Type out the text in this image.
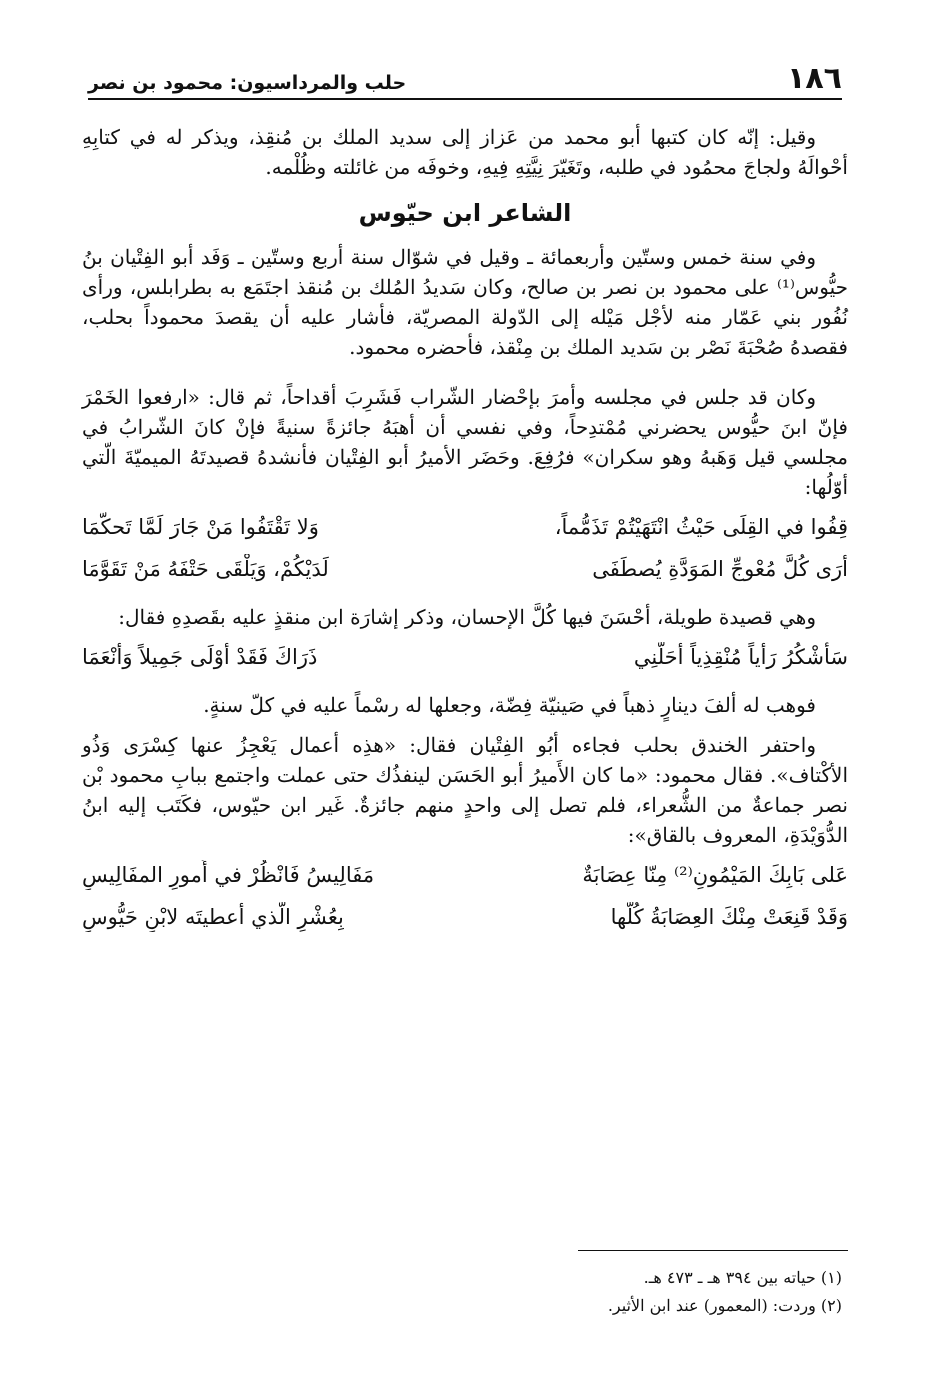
١٨٦
حلب والمرداسيون: محمود بن نصر

وقيل: إنّه كان كتبها أبو محمد من عَزاز إلى سديد الملك بن مُنقِذ، ويذكر له في كتابِهِ أحْوالَهُ ولجاجَ محمُود في طلبه، وتَغَيّرَ نِيَّتِهِ فِيهِ، وخوفَه من غائلته وظُلْمه.

الشاعر ابن حيّوس

وفي سنة خمس وستّين وأربعمائة ـ وقيل في شوّال سنة أربع وستّين ـ وَفَد أبو الفِتْيان بنُ حيُّوس⁽¹⁾ على محمود بن نصر بن صالح، وكان سَديدُ المُلك بن مُنقذ اجتَمَع به بطرابلس، ورأى نُفُور بني عَمّار منه لأجْل مَيْله إلى الدّولة المصريّة، فأشار عليه أن يقصدَ محموداً بحلب، فقصدهُ صُحْبَةَ نَصْر بن سَديد الملك بن مِنْقذ، فأحضره محمود.

وكان قد جلس في مجلسه وأمرَ بإحْضار الشّراب فَشَرِبَ أقداحاً، ثم قال: «ارفعوا الخَمْرَ فإنّ ابنَ حيُّوس يحضرني مُمْتدِحاً، وفي نفسي أن أهبَهُ جائزةً سنيةً فإنْ كانَ الشّرابُ في مجلسي قيل وَهَبهُ وهو سكران» فرُفِعَ. وحَضَر الأميرُ أبو الفِتْيان فأنشدهُ قصيدتَهُ الميميّةَ الّتي أوّلُها:

قِفُوا في القِلَى حَيْثُ انْتَهَيْتُمْ تَذَمُّماً،
وَلا تَقْتَفُوا مَنْ جَارَ لَمَّا تَحكَّمَا
أرَى كُلَّ مُعْوجِّ المَوَدَّةِ يُصطَفَى
لَدَيْكُمْ، وَيَلْقَى حَتْفَهُ مَنْ تَقَوَّمَا

وهي قصيدة طويلة، أحْسَنَ فيها كُلَّ الإحسان، وذكر إشارَة ابن منقذٍ عليه بقَصدِهِ فقال:

سَأشْكُرُ رَأياً مُنْقِذِياً أحَلَّنِي
ذَرَاكَ فَقَدْ أوْلَى جَمِيلاً وَأنْعَمَا

فوهب له ألفَ دينارٍ ذهباً في صَينيّة فِضّة، وجعلها له رسْماً عليه في كلّ سنةٍ.

واحتفر الخندق بحلب فجاءه أبُو الفِتْيان فقال: «هذِه أعمال يَعْجِزُ عنها كِسْرَى وَذُو الأكْتاف». فقال محمود: «ما كان الأَميرُ أبو الحَسَن لينفذُك حتى عملت واجتمع ببابِ محمود بْن نصر جماعةٌ من الشُّعراء، فلم تصل إلى واحدٍ منهم جائزةٌ. غَير ابن حيّوس، فكَتَب إليه ابنُ الدُّوَيْدَةِ، المعروف بالقاق»:

عَلى بَابِكَ المَيْمُونِ⁽²⁾ مِنّا عِصَابَةٌ
مَفَالِيسُ فَانْظُرْ في أُمورِ المفَالِيسِ
وَقَدْ قَنِعَتْ مِنْكَ العِصَابَةُ كُلُّها
بِعُشْرِ الّذي أعطيتَه لابْنِ حَيُّوسِ

(١) حياته بين ٣٩٤ هـ ـ ٤٧٣ هـ.

(٢) وردت: (المعمور) عند ابن الأثير.
